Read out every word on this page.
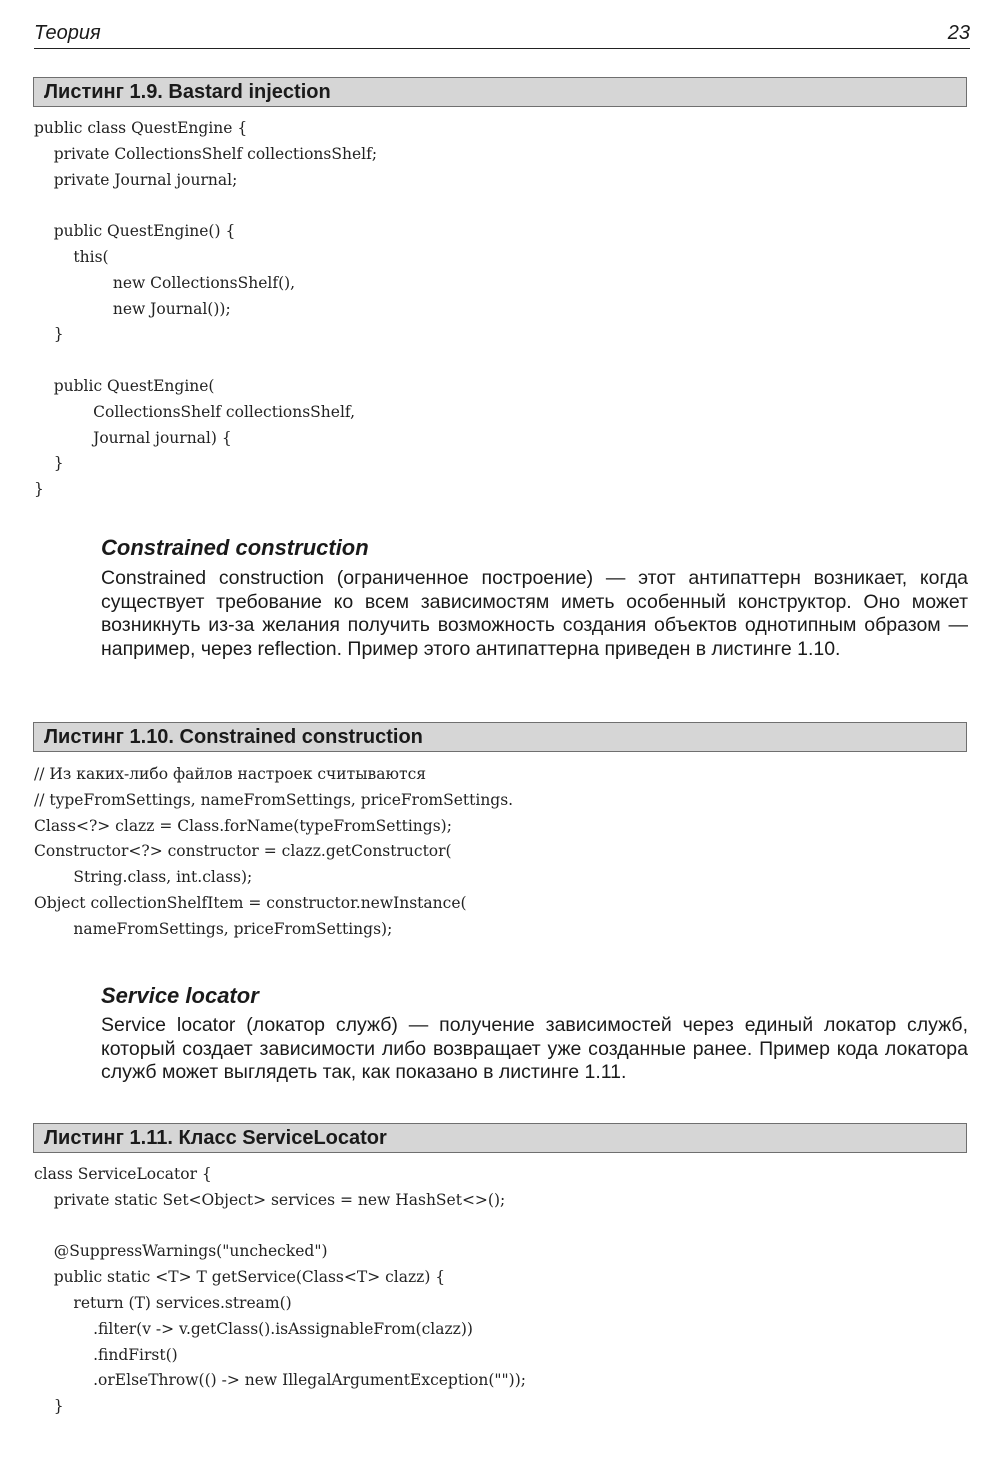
Теория	23
Листинг 1.9. Bastard injection
public class QuestEngine {
private CollectionsShelf collectionsShelf;
private Journal journal;

public QuestEngine() {
this(
new CollectionsShelf(),
new Journal());
}

public QuestEngine(
CollectionsShelf collectionsShelf,
Journal journal) {
}
}
Constrained construction

Constrained construction (ограниченное построение) — этот антипаттерн возникает, когда существует требование ко всем зависимостям иметь особенный конструктор. Оно может возникнуть из-за желания получить возможность создания объектов однотипным образом — например, через reflection. Пример этого антипаттерна приведен в листинге 1.10.

Листинг 1.10. Constrained construction
// Из каких-либо файлов настроек считываются
// typeFromSettings, nameFromSettings, priceFromSettings.
Class<?> clazz = Class.forName(typeFromSettings);
Constructor<?> constructor = clazz.getConstructor(
String.class, int.class);
Object collectionShelfItem = constructor.newInstance(
nameFromSettings, priceFromSettings);
Service locator

Service locator (локатор служб) — получение зависимостей через единый локатор служб, который создает зависимости либо возвращает уже созданные ранее. Пример кода локатора служб может выглядеть так, как показано в листинге 1.11.

Листинг 1.11. Класс ServiceLocator
class ServiceLocator {
private static Set<Object> services = new HashSet<>();

@SuppressWarnings("unchecked")
public static <T> T getService(Class<T> clazz) {
return (T) services.stream()
.filter(v -> v.getClass().isAssignableFrom(clazz))
.findFirst()
.orElseThrow(() -> new IllegalArgumentException(""));
}
